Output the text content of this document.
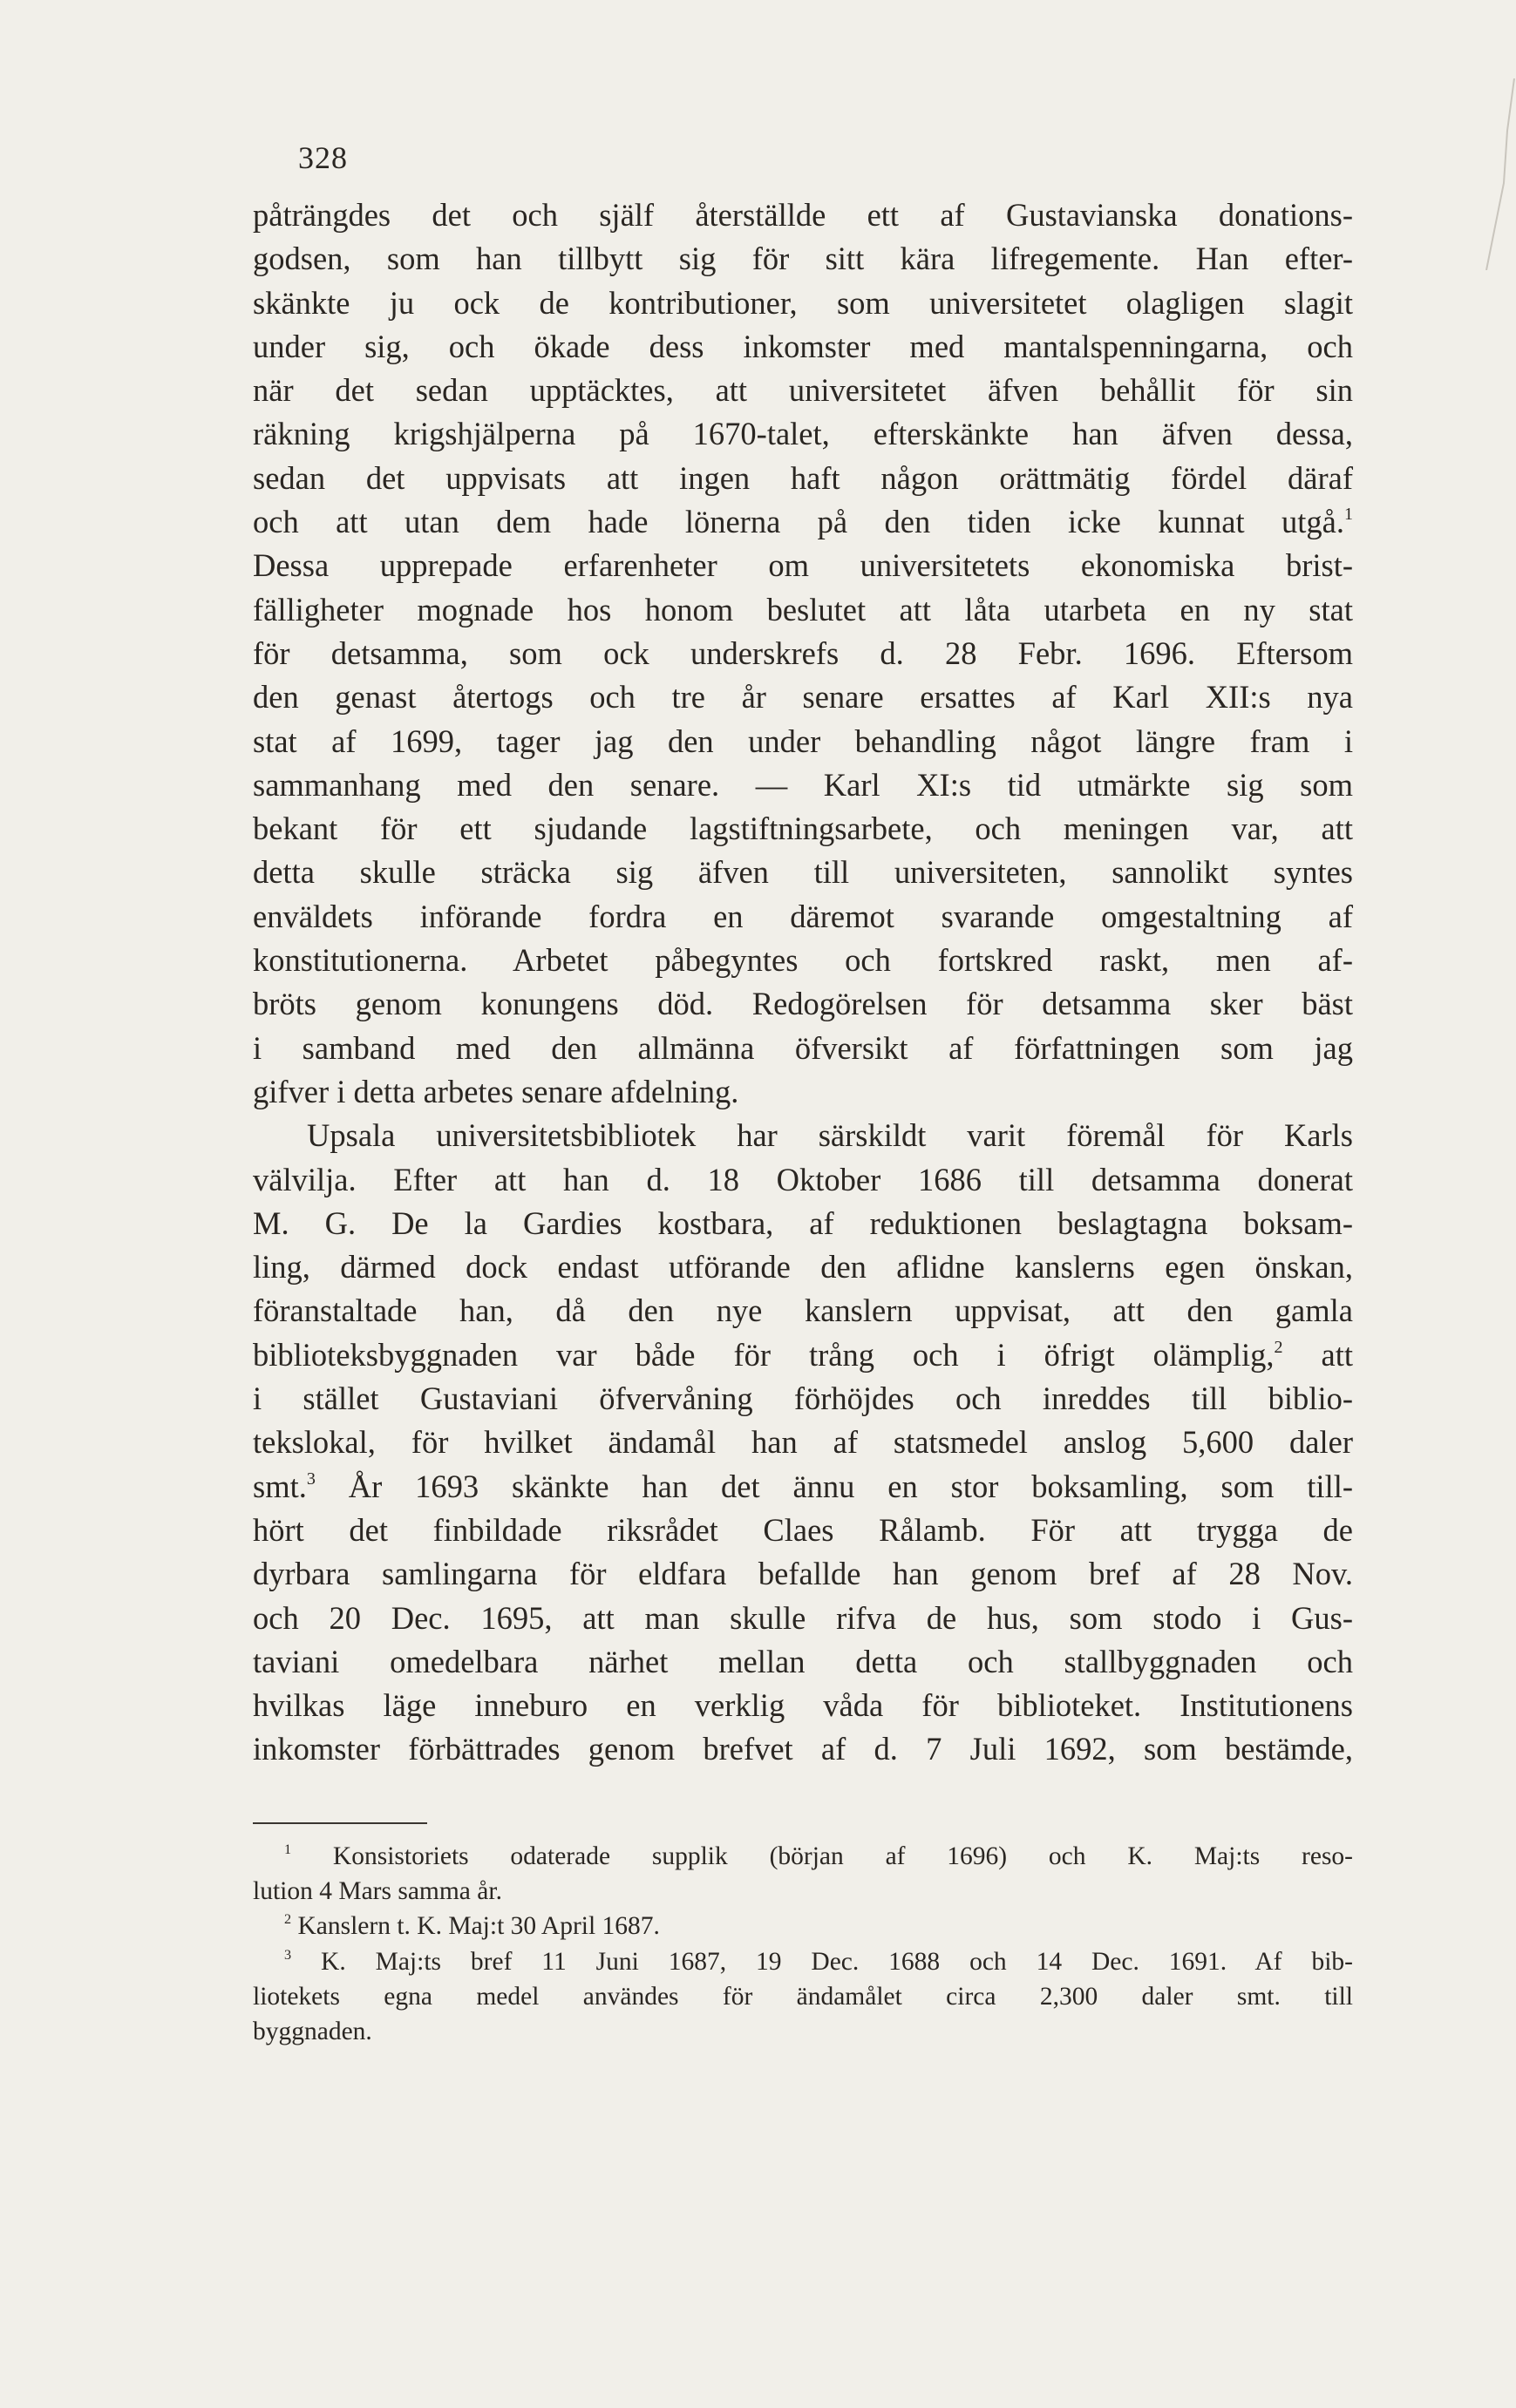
328
påträngdes det och själf återställde ett af Gustavianska donations-
godsen, som han tillbytt sig för sitt kära lifregemente. Han efter-
skänkte ju ock de kontributioner, som universitetet olagligen slagit
under sig, och ökade dess inkomster med mantalspenningarna, och
när det sedan upptäcktes, att universitetet äfven behållit för sin
räkning krigshjälperna på 1670-talet, efterskänkte han äfven dessa,
sedan det uppvisats att ingen haft någon orättmätig fördel däraf
och att utan dem hade lönerna på den tiden icke kunnat utgå.$^1$
Dessa upprepade erfarenheter om universitetets ekonomiska brist-
fälligheter mognade hos honom beslutet att låta utarbeta en ny stat
för detsamma, som ock underskrefs d. 28 Febr. 1696. Eftersom
den genast återtogs och tre år senare ersattes af Karl XII:s nya
stat af 1699, tager jag den under behandling något längre fram i
sammanhang med den senare. — Karl XI:s tid utmärkte sig som
bekant för ett sjudande lagstiftningsarbete, och meningen var, att
detta skulle sträcka sig äfven till universiteten, sannolikt syntes
enväldets införande fordra en däremot svarande omgestaltning af
konstitutionerna. Arbetet påbegyntes och fortskred raskt, men af-
bröts genom konungens död. Redogörelsen för detsamma sker bäst
i samband med den allmänna öfversikt af författningen som jag
gifver i detta arbetes senare afdelning.
Upsala universitetsbibliotek har särskildt varit föremål för Karls
välvilja. Efter att han d. 18 Oktober 1686 till detsamma donerat
M. G. De la Gardies kostbara, af reduktionen beslagtagna boksam-
ling, därmed dock endast utförande den aflidne kanslerns egen önskan,
föranstaltade han, då den nye kanslern uppvisat, att den gamla
biblioteksbyggnaden var både för trång och i öfrigt olämplig,$^2$ att
i stället Gustaviani öfvervåning förhöjdes och inreddes till biblio-
tekslokal, för hvilket ändamål han af statsmedel anslog 5,600 daler
smt.$^3$ År 1693 skänkte han det ännu en stor boksamling, som till-
hört det finbildade riksrådet Claes Rålamb. För att trygga de
dyrbara samlingarna för eldfara befallde han genom bref af 28 Nov.
och 20 Dec. 1695, att man skulle rifva de hus, som stodo i Gus-
taviani omedelbara närhet mellan detta och stallbyggnaden och
hvilkas läge inneburo en verklig våda för biblioteket. Institutionens
inkomster förbättrades genom brefvet af d. 7 Juli 1692, som bestämde,
$^1$ Konsistoriets odaterade supplik (början af 1696) och K. Maj:ts reso-
lution 4 Mars samma år.
$^2$ Kanslern t. K. Maj:t 30 April 1687.
$^3$ K. Maj:ts bref 11 Juni 1687, 19 Dec. 1688 och 14 Dec. 1691. Af bib-
liotekets egna medel användes för ändamålet circa 2,300 daler smt. till
byggnaden.
